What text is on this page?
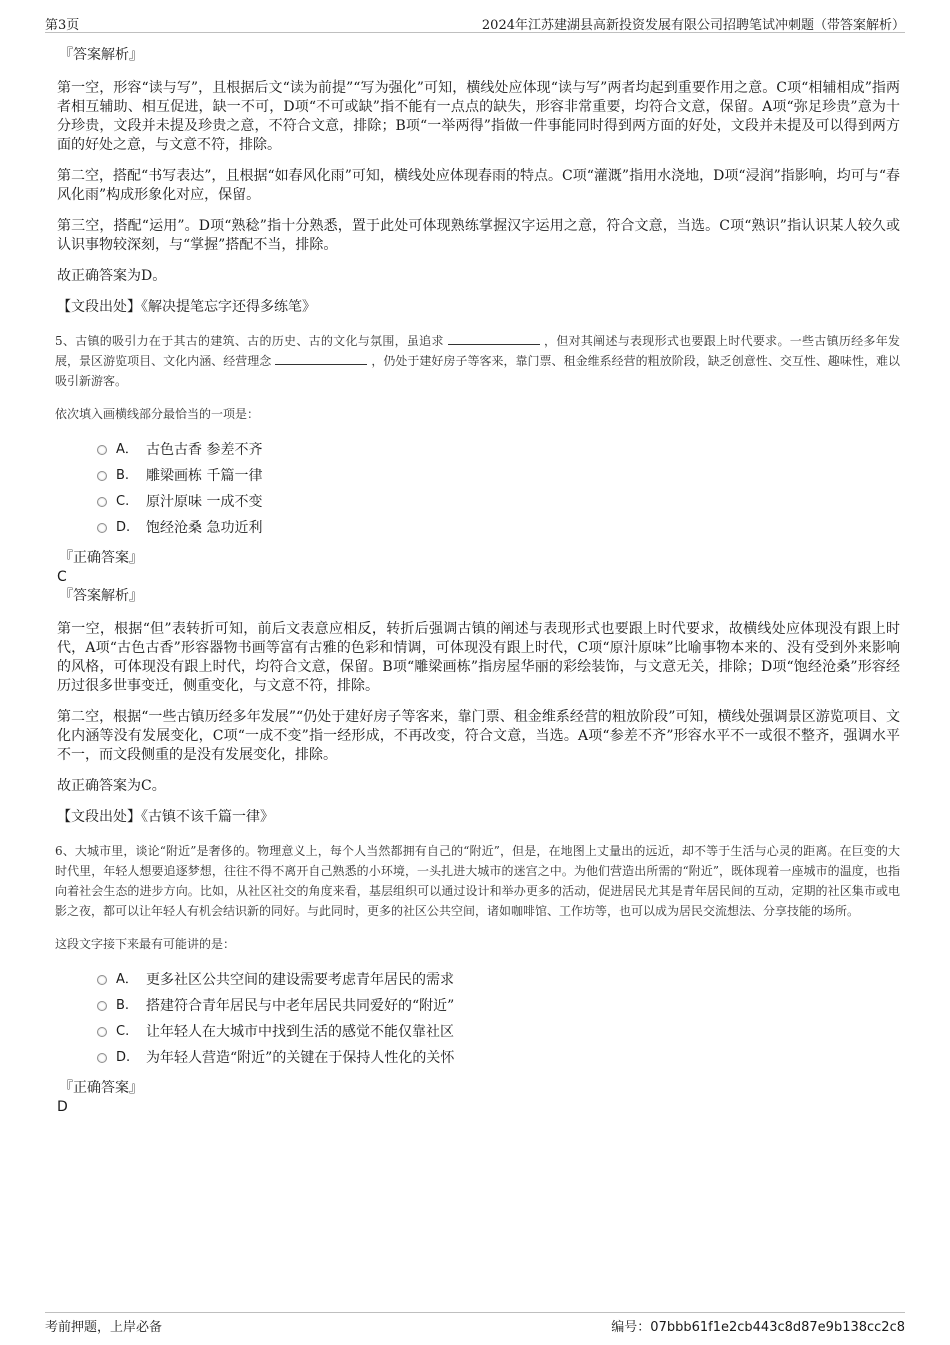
第3页	2024年江苏建湖县高新投资发展有限公司招聘笔试冲刺题（带答案解析）
『答案解析』

第一空，形容“读与写”，且根据后文“读为前提”“写为强化”可知，横线处应体现“读与写”两者均起到重要作用之意。C项“相辅相成”指两者相互辅助、相互促进，缺一不可，D项“不可或缺”指不能有一点点的缺失，形容非常重要，均符合文意，保留。A项“弥足珍贵”意为十分珍贵，文段并未提及珍贵之意，不符合文意，排除；B项“一举两得”指做一件事能同时得到两方面的好处，文段并未提及可以得到两方面的好处之意，与文意不符，排除。

第二空，搭配“书写表达”，且根据“如春风化雨”可知，横线处应体现春雨的特点。C项“灌溉”指用水浇地，D项“浸润”指影响，均可与“春风化雨”构成形象化对应，保留。

第三空，搭配“运用”。D项“熟稔”指十分熟悉，置于此处可体现熟练掌握汉字运用之意，符合文意，当选。C项“熟识”指认识某人较久或认识事物较深刻，与“掌握”搭配不当，排除。

故正确答案为D。

【文段出处】《解决提笔忘字还得多练笔》

5、古镇的吸引力在于其古的建筑、古的历史、古的文化与氛围，虽追求	，但对其阐述与表现形式也要跟上时代要求。一些古镇历经多年发展，景区游览项目、文化内涵、经营理念	，仍处于建好房子等客来，靠门票、租金维系经营的粗放阶段，缺乏创意性、交互性、趣味性，难以吸引新游客。

依次填入画横线部分最恰当的一项是：
A． 古色古香 参差不齐
B.	雕梁画栋 千篇一律
C.	原汁原味 一成不变
D.	饱经沧桑 急功近利
『正确答案』
C
『答案解析』

第一空，根据“但”表转折可知，前后文表意应相反，转折后强调古镇的阐述与表现形式也要跟上时代要求，故横线处应体现没有跟上时代，A项“古色古香”形容器物书画等富有古雅的色彩和情调，可体现没有跟上时代，C项“原汁原味”比喻事物本来的、没有受到外来影响的风格，可体现没有跟上时代，均符合文意，保留。B项“雕梁画栋”指房屋华丽的彩绘装饰，与文意无关，排除；D项“饱经沧桑”形容经历过很多世事变迁，侧重变化，与文意不符，排除。

第二空，根据“一些古镇历经多年发展”“仍处于建好房子等客来，靠门票、租金维系经营的粗放阶段”可知，横线处强调景区游览项目、文化内涵等没有发展变化，C项“一成不变”指一经形成，不再改变，符合文意，当选。A项“参差不齐”形容水平不一或很不整齐，强调水平不一，而文段侧重的是没有发展变化，排除。

故正确答案为C。

【文段出处】《古镇不该千篇一律》

6、大城市里，谈论“附近”是奢侈的。物理意义上，每个人当然都拥有自己的“附近”，但是，在地图上丈量出的远近，却不等于生活与心灵的距离。在巨变的大时代里，年轻人想要追逐梦想，往往不得不离开自己熟悉的小环境，一头扎进大城市的迷宫之中。为他们营造出所需的“附近”，既体现着一座城市的温度，也指向着社会生态的进步方向。比如，从社区社交的角度来看，基层组织可以通过设计和举办更多的活动，促进居民尤其是青年居民间的互动，定期的社区集市或电影之夜，都可以让年轻人有机会结识新的同好。与此同时，更多的社区公共空间，诸如咖啡馆、工作坊等，也可以成为居民交流想法、分享技能的场所。

这段文字接下来最有可能讲的是：
A． 更多社区公共空间的建设需要考虑青年居民的需求
B.	搭建符合青年居民与中老年居民共同爱好的“附近”
C.	让年轻人在大城市中找到生活的感觉不能仅靠社区
D.	为年轻人营造“附近”的关键在于保持人性化的关怀
『正确答案』
D
考前押题，上岸必备	编号：07bbb61f1e2cb443c8d87e9b138cc2c8
